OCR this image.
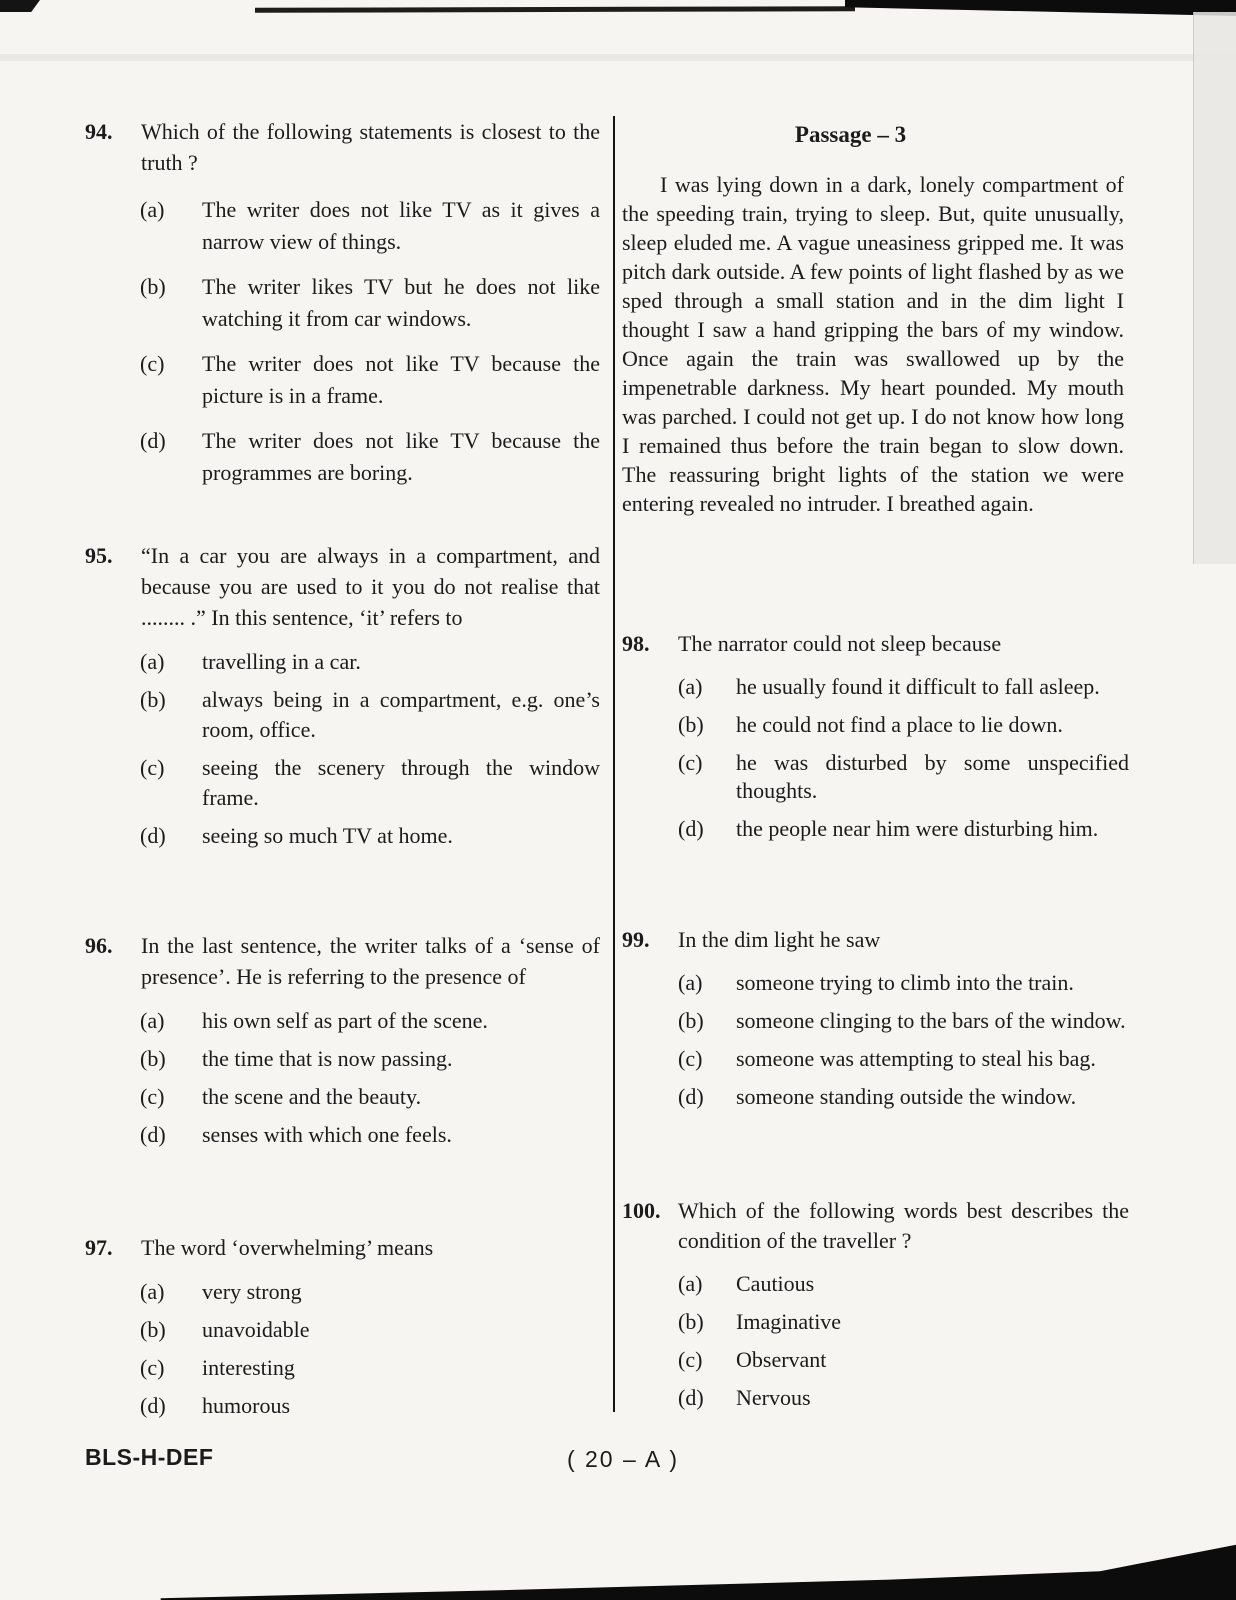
94.	Which of the following statements is closest to the truth ?
(a)	The writer does not like TV as it gives a narrow view of things.
(b)	The writer likes TV but he does not like watching it from car windows.
(c)	The writer does not like TV because the picture is in a frame.
(d)	The writer does not like TV because the programmes are boring.
95.	“In a car you are always in a compartment, and because you are used to it you do not realise that ........ .” In this sentence, ‘it’ refers to
(a)	travelling in a car.
(b)	always being in a compartment, e.g. one’s room, office.
(c)	seeing the scenery through the window frame.
(d)	seeing so much TV at home.
96.	In the last sentence, the writer talks of a ‘sense of presence’. He is referring to the presence of
(a)	his own self as part of the scene.
(b)	the time that is now passing.
(c)	the scene and the beauty.
(d)	senses with which one feels.
97.	The word ‘overwhelming’ means
(a)	very strong
(b)	unavoidable
(c)	interesting
(d)	humorous
Passage – 3

I was lying down in a dark, lonely compartment of the speeding train, trying to sleep. But, quite unusually, sleep eluded me. A vague uneasiness gripped me. It was pitch dark outside. A few points of light flashed by as we sped through a small station and in the dim light I thought I saw a hand gripping the bars of my window. Once again the train was swallowed up by the impenetrable darkness. My heart pounded. My mouth was parched. I could not get up. I do not know how long I remained thus before the train began to slow down. The reassuring bright lights of the station we were entering revealed no intruder. I breathed again.

98.	The narrator could not sleep because
(a)	he usually found it difficult to fall asleep.
(b)	he could not find a place to lie down.
(c)	he was disturbed by some unspecified thoughts.
(d)	the people near him were disturbing him.
99.	In the dim light he saw
(a)	someone trying to climb into the train.
(b)	someone clinging to the bars of the window.
(c)	someone was attempting to steal his bag.
(d)	someone standing outside the window.
100. Which of the following words best describes the condition of the traveller ?
(a)	Cautious
(b)	Imaginative
(c)	Observant
(d)	Nervous
BLS-H-DEF	( 20 – A )
